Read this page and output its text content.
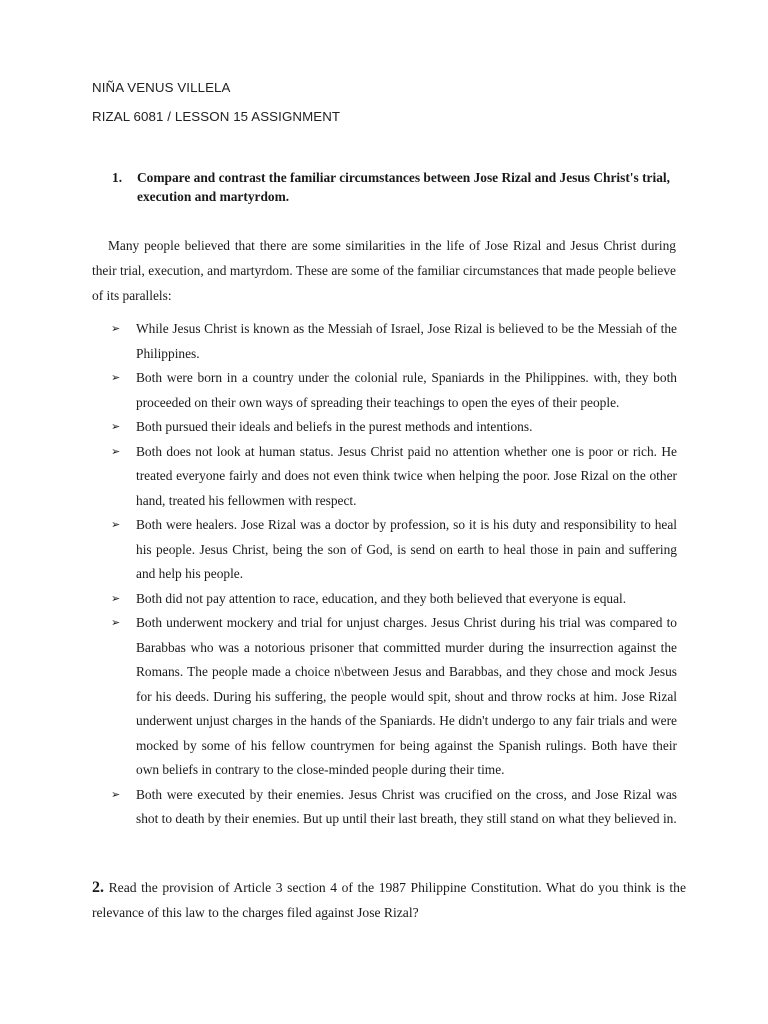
NIÑA VENUS VILLELA
RIZAL 6081 / LESSON 15 ASSIGNMENT
1. Compare and contrast the familiar circumstances between Jose Rizal and Jesus Christ's trial, execution and martyrdom.
Many people believed that there are some similarities in the life of Jose Rizal and Jesus Christ during their trial, execution, and martyrdom. These are some of the familiar circumstances that made people believe of its parallels:
➢ While Jesus Christ is known as the Messiah of Israel, Jose Rizal is believed to be the Messiah of the Philippines.
➢ Both were born in a country under the colonial rule, Spaniards in the Philippines. with, they both proceeded on their own ways of spreading their teachings to open the eyes of their people.
➢ Both pursued their ideals and beliefs in the purest methods and intentions.
➢ Both does not look at human status. Jesus Christ paid no attention whether one is poor or rich. He treated everyone fairly and does not even think twice when helping the poor. Jose Rizal on the other hand, treated his fellowmen with respect.
➢ Both were healers. Jose Rizal was a doctor by profession, so it is his duty and responsibility to heal his people. Jesus Christ, being the son of God, is send on earth to heal those in pain and suffering and help his people.
➢ Both did not pay attention to race, education, and they both believed that everyone is equal.
➢ Both underwent mockery and trial for unjust charges. Jesus Christ during his trial was compared to Barabbas who was a notorious prisoner that committed murder during the insurrection against the Romans. The people made a choice n\between Jesus and Barabbas, and they chose and mock Jesus for his deeds. During his suffering, the people would spit, shout and throw rocks at him. Jose Rizal underwent unjust charges in the hands of the Spaniards. He didn't undergo to any fair trials and were mocked by some of his fellow countrymen for being against the Spanish rulings. Both have their own beliefs in contrary to the close-minded people during their time.
➢ Both were executed by their enemies. Jesus Christ was crucified on the cross, and Jose Rizal was shot to death by their enemies. But up until their last breath, they still stand on what they believed in.
2. Read the provision of Article 3 section 4 of the 1987 Philippine Constitution. What do you think is the relevance of this law to the charges filed against Jose Rizal?
